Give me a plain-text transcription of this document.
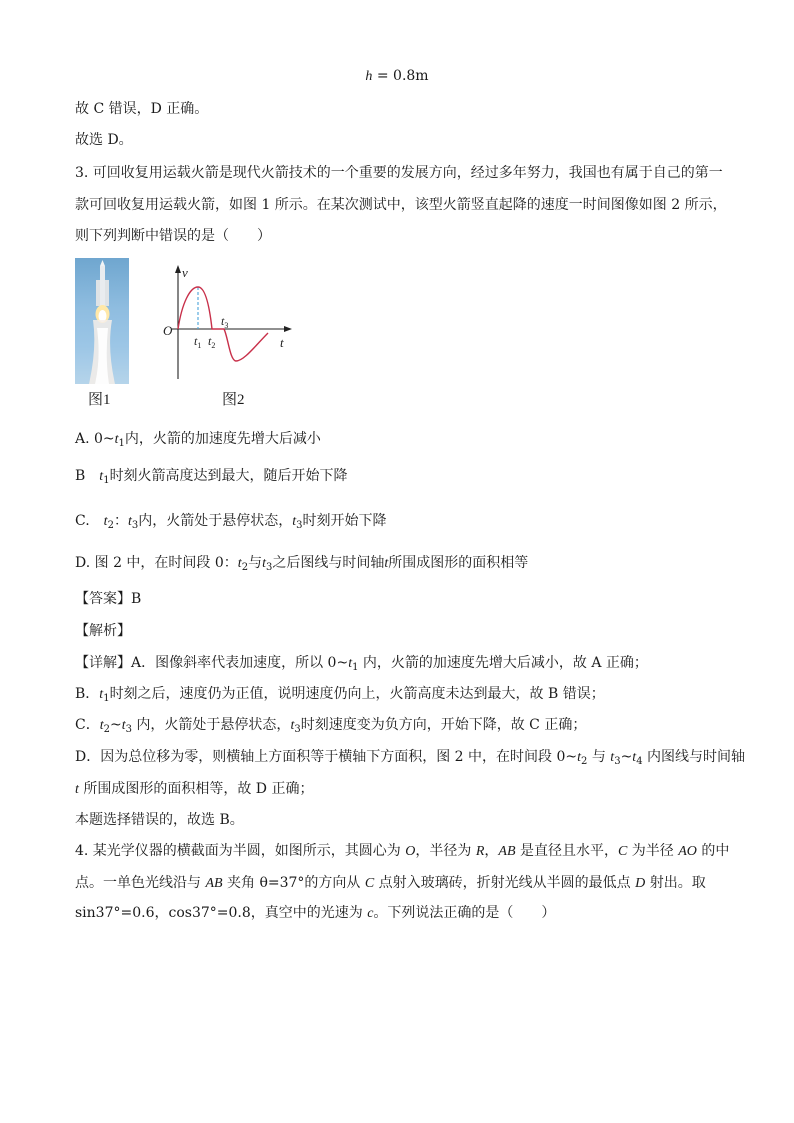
h = 0.8m
故 C 错误，D 正确。
故选 D。
3. 可回收复用运载火箭是现代火箭技术的一个重要的发展方向，经过多年努力，我国也有属于自己的第一
款可回收复用运载火箭，如图 1 所示。在某次测试中，该型火箭竖直起降的速度一时间图像如图 2 所示，
则下列判断中错误的是（　　）
图1
v
O
t
$t_1$ $t_2$
$t_3$
图2
A. $0\sim t_1$内，火箭的加速度先增大后减小
B　$t_1$时刻火箭高度达到最大，随后开始下降
C.　$t_2$：$t_3$内，火箭处于悬停状态，$t_3$时刻开始下降
D. 图 2 中，在时间段 0：$t_2$与$t_3$之后图线与时间轴t所围成图形的面积相等
【答案】B
【解析】
【详解】A．图像斜率代表加速度，所以 $0\sim t_1$ 内，火箭的加速度先增大后减小，故 A 正确；
B．$t_1$时刻之后，速度仍为正值，说明速度仍向上，火箭高度未达到最大，故 B 错误；
C．$t_2\sim t_3$ 内，火箭处于悬停状态，$t_3$时刻速度变为负方向，开始下降，故 C 正确；
D．因为总位移为零，则横轴上方面积等于横轴下方面积，图 2 中，在时间段 $0\sim t_2$ 与 $t_3\sim t_4$ 内图线与时间轴
t 所围成图形的面积相等，故 D 正确；
本题选择错误的，故选 B。
4. 某光学仪器的横截面为半圆，如图所示，其圆心为 O，半径为 R，AB 是直径且水平，C 为半径 AO 的中
点。一单色光线沿与 AB 夹角 θ=37°的方向从 C 点射入玻璃砖，折射光线从半圆的最低点 D 射出。取
sin37°=0.6，cos37°=0.8，真空中的光速为 c。下列说法正确的是（　　）
